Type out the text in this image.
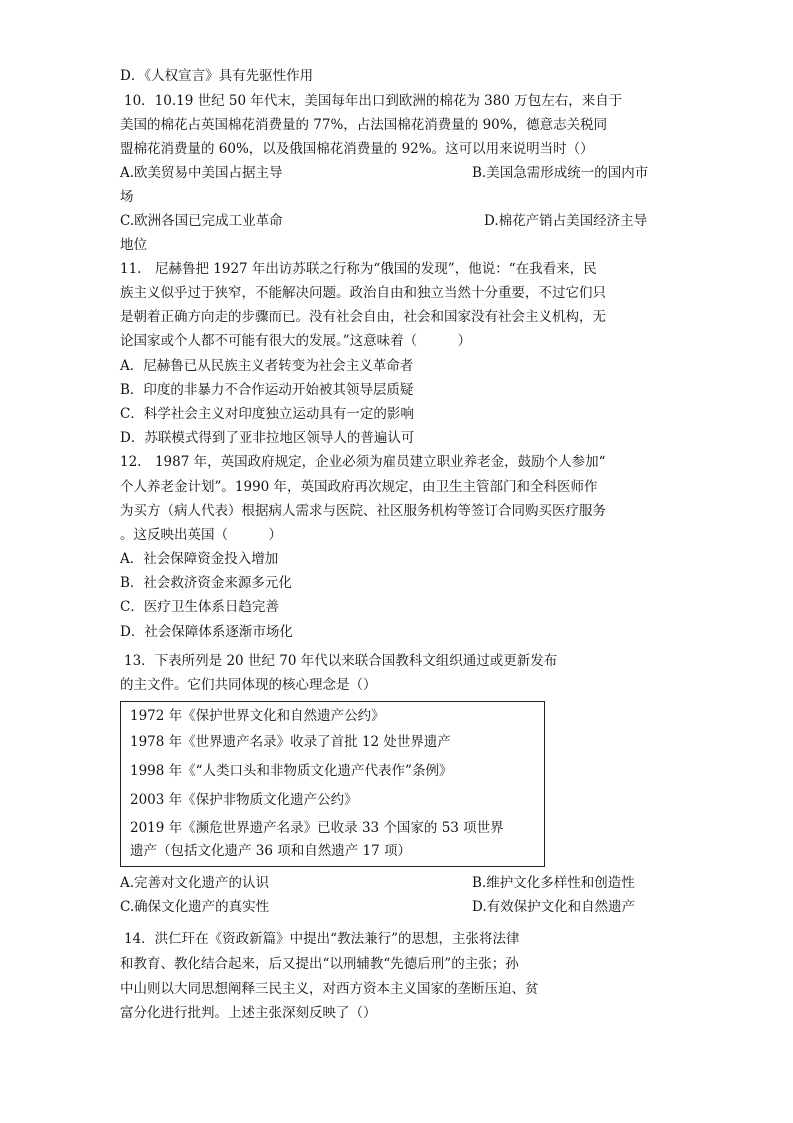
D．《人权宣言》具有先驱性作用
10．10.19 世纪 50 年代末，美国每年出口到欧洲的棉花为 380 万包左右，来自于
美国的棉花占英国棉花消费量的 77%，占法国棉花消费量的 90%，德意志关税同
盟棉花消费量的 60%，以及俄国棉花消费量的 92%。这可以用来说明当时（）
A.欧美贸易中美国占据主导	B.美国急需形成统一的国内市
场
C.欧洲各国已完成工业革命	D.棉花产销占美国经济主导
地位
11.　尼赫鲁把 1927 年出访苏联之行称为“俄国的发现”，他说：“在我看来，民
族主义似乎过于狭窄，不能解决问题。政治自由和独立当然十分重要，不过它们只
是朝着正确方向走的步骤而已。没有社会自由，社会和国家没有社会主义机构，无
论国家或个人都不可能有很大的发展。”这意味着（　　　）
A．尼赫鲁已从民族主义者转变为社会主义革命者
B．印度的非暴力不合作运动开始被其领导层质疑
C．科学社会主义对印度独立运动具有一定的影响
D．苏联模式得到了亚非拉地区领导人的普遍认可
12.　1987 年，英国政府规定，企业必须为雇员建立职业养老金，鼓励个人参加“
个人养老金计划”。1990 年，英国政府再次规定，由卫生主管部门和全科医师作
为买方（病人代表）根据病人需求与医院、社区服务机构等签订合同购买医疗服务
。这反映出英国（　　　）
A．社会保障资金投入增加
B．社会救济资金来源多元化
C．医疗卫生体系日趋完善
D．社会保障体系逐渐市场化
13．下表所列是 20 世纪 70 年代以来联合国教科文组织通过或更新发布
的主文件。它们共同体现的核心理念是（）
1972 年《保护世界文化和自然遗产公约》
1978 年《世界遗产名录》收录了首批 12 处世界遗产
1998 年《“人类口头和非物质文化遗产代表作”条例》
2003 年《保护非物质文化遗产公约》
2019 年《濒危世界遗产名录》已收录 33 个国家的 53 项世界
遗产（包括文化遗产 36 项和自然遗产 17 项）
A.完善对文化遗产的认识	B.维护文化多样性和创造性
C.确保文化遗产的真实性	D.有效保护文化和自然遗产
14．洪仁玕在《资政新篇》中提出“教法兼行”的思想，主张将法律
和教育、教化结合起来，后又提出“以刑辅教“先德后刑”的主张；孙
中山则以大同思想阐释三民主义，对西方资本主义国家的垄断压迫、贫
富分化进行批判。上述主张深刻反映了（）
